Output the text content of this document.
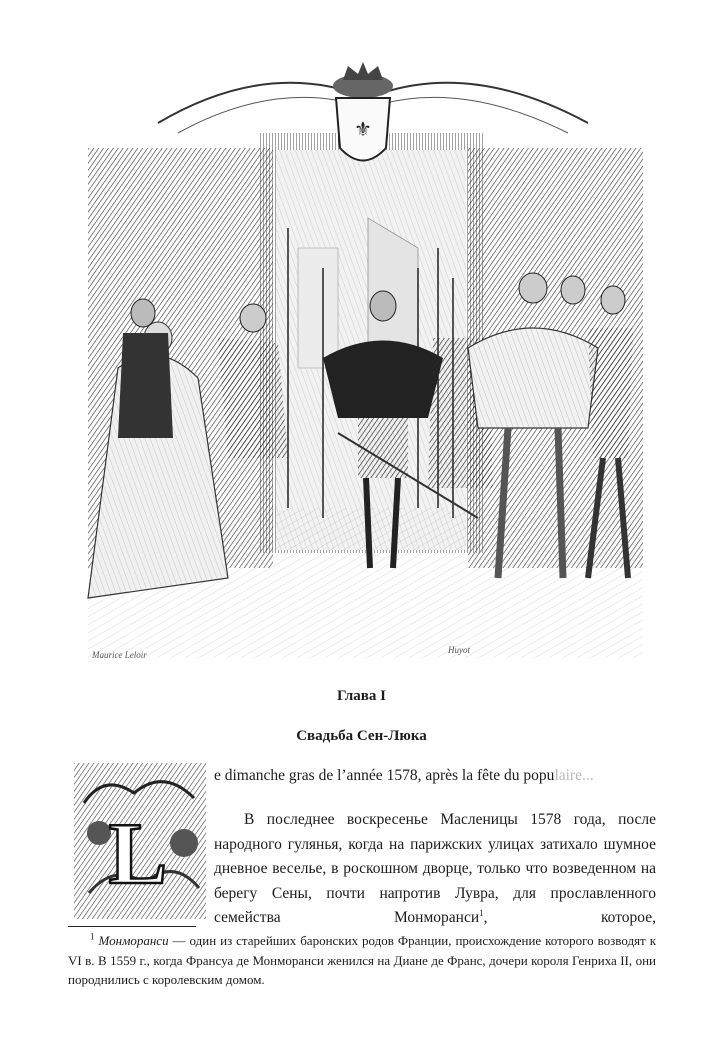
⚜
Maurice Leloir	Huyot
Глава I
Свадьба Сен-Люка
L
e dimanche gras de l’année 1578, après la fête du populaire...

В последнее воскресенье Масленицы 1578 года, после народного гулянья, когда на парижских улицах затихало шумное дневное веселье, в роскошном дворце, только что возведенном на берегу Сены, почти напротив Лувра, для прославленного семейства Монморанси$^1$, которое,

$^1$ Монморанси — один из старейших баронских родов Франции, происхождение которого возводят к VI в. В 1559 г., когда Франсуа де Монморанси женился на Диане де Франс, дочери короля Генриха II, они породнились с королевским домом.
